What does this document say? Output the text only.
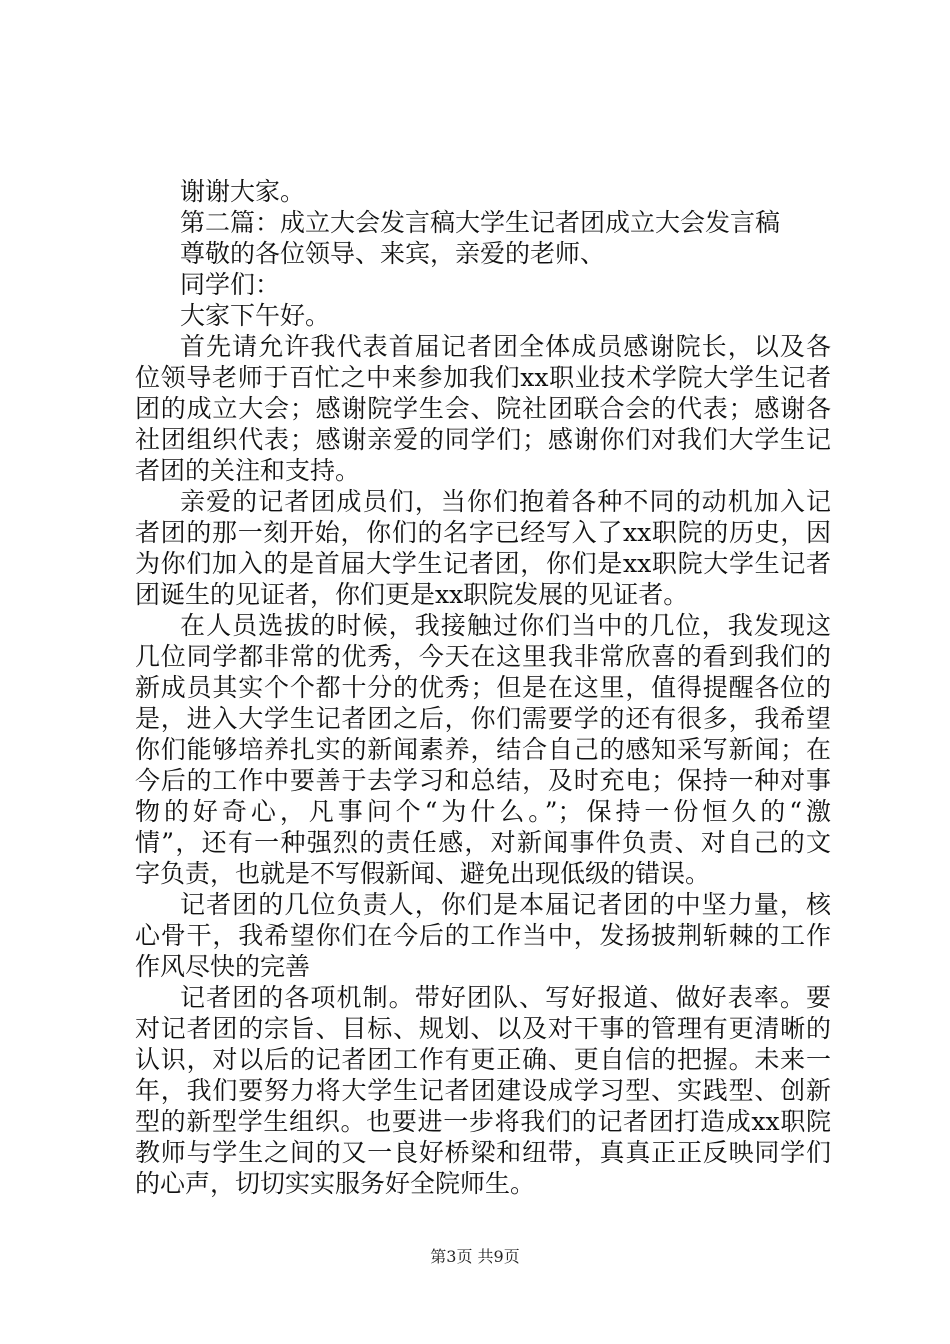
谢谢大家。
第二篇：成立大会发言稿大学生记者团成立大会发言稿
尊敬的各位领导、来宾，亲爱的老师、
同学们：
大家下午好。
首先请允许我代表首届记者团全体成员感谢院长，以及各
位领导老师于百忙之中来参加我们xx职业技术学院大学生记者
团的成立大会；感谢院学生会、院社团联合会的代表；感谢各
社团组织代表；感谢亲爱的同学们；感谢你们对我们大学生记
者团的关注和支持。
亲爱的记者团成员们，当你们抱着各种不同的动机加入记
者团的那一刻开始，你们的名字已经写入了xx职院的历史，因
为你们加入的是首届大学生记者团，你们是xx职院大学生记者
团诞生的见证者，你们更是xx职院发展的见证者。
在人员选拔的时候，我接触过你们当中的几位，我发现这
几位同学都非常的优秀，今天在这里我非常欣喜的看到我们的
新成员其实个个都十分的优秀；但是在这里，值得提醒各位的
是，进入大学生记者团之后，你们需要学的还有很多，我希望
你们能够培养扎实的新闻素养，结合自己的感知采写新闻；在
今后的工作中要善于去学习和总结，及时充电；保持一种对事
物的好奇心，凡事问个“为什么。”；保持一份恒久的“激
情”，还有一种强烈的责任感，对新闻事件负责、对自己的文
字负责，也就是不写假新闻、避免出现低级的错误。
记者团的几位负责人，你们是本届记者团的中坚力量，核
心骨干，我希望你们在今后的工作当中，发扬披荆斩棘的工作
作风尽快的完善
记者团的各项机制。带好团队、写好报道、做好表率。要
对记者团的宗旨、目标、规划、以及对干事的管理有更清晰的
认识，对以后的记者团工作有更正确、更自信的把握。未来一
年，我们要努力将大学生记者团建设成学习型、实践型、创新
型的新型学生组织。也要进一步将我们的记者团打造成xx职院
教师与学生之间的又一良好桥梁和纽带，真真正正反映同学们
的心声，切切实实服务好全院师生。
第3页 共9页
